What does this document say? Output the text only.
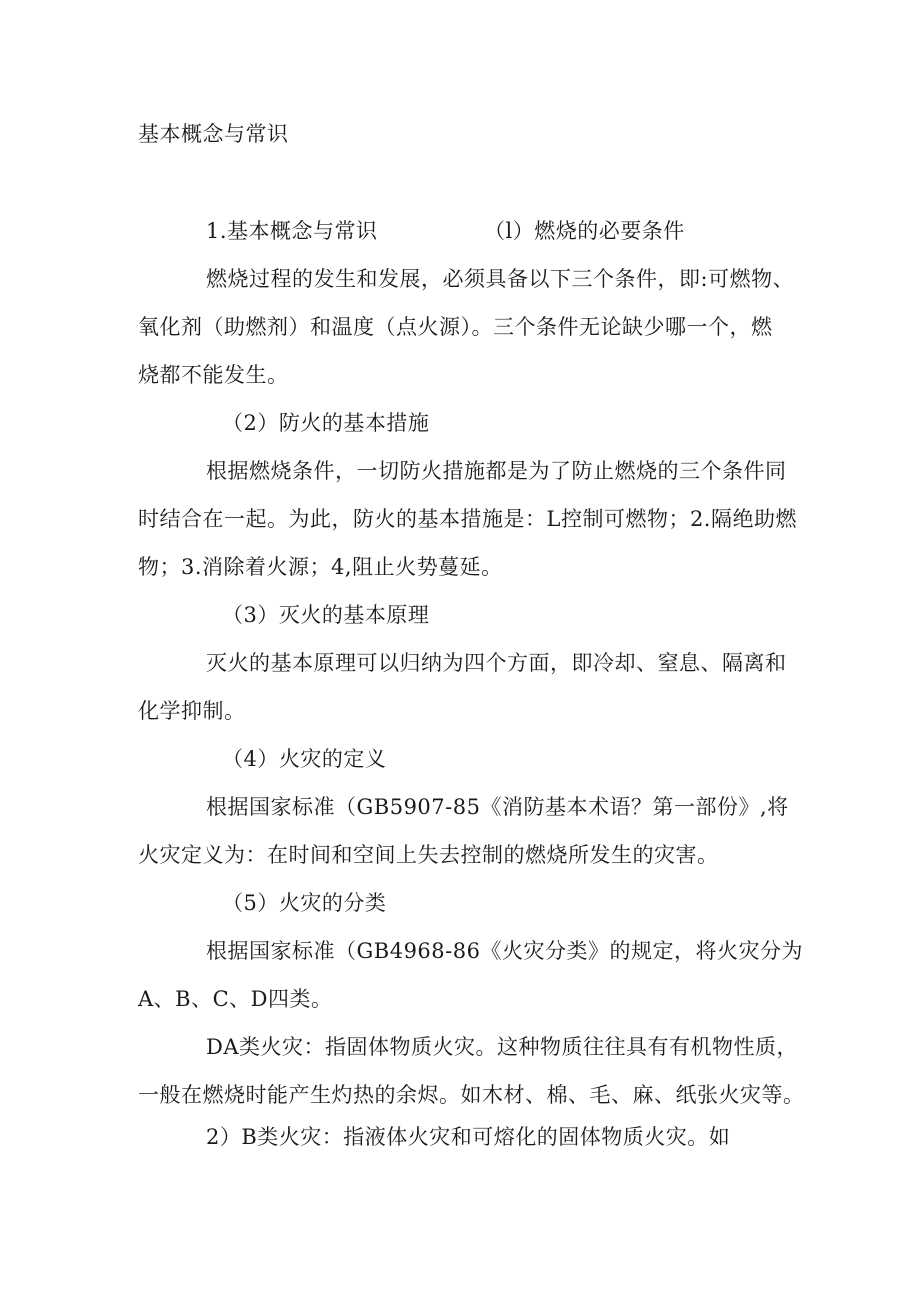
基本概念与常识
1.基本概念与常识	（l）燃烧的必要条件
燃烧过程的发生和发展，必须具备以下三个条件，即:可燃物、
氧化剂（助燃剂）和温度（点火源）。三个条件无论缺少哪一个，燃
烧都不能发生。
（2）防火的基本措施
根据燃烧条件，一切防火措施都是为了防止燃烧的三个条件同
时结合在一起。为此，防火的基本措施是：L控制可燃物；2.隔绝助燃
物；3.消除着火源；4,阻止火势蔓延。
（3）灭火的基本原理
灭火的基本原理可以归纳为四个方面，即冷却、窒息、隔离和
化学抑制。
（4）火灾的定义
根据国家标准（GB5907-85《消防基本术语？第一部份》,将
火灾定义为：在时间和空间上失去控制的燃烧所发生的灾害。
（5）火灾的分类
根据国家标准（GB4968-86《火灾分类》的规定，将火灾分为
A、B、C、D四类。
DA类火灾：指固体物质火灾。这种物质往往具有有机物性质，
一般在燃烧时能产生灼热的余烬。如木材、棉、毛、麻、纸张火灾等。
2）B类火灾：指液体火灾和可熔化的固体物质火灾。如
